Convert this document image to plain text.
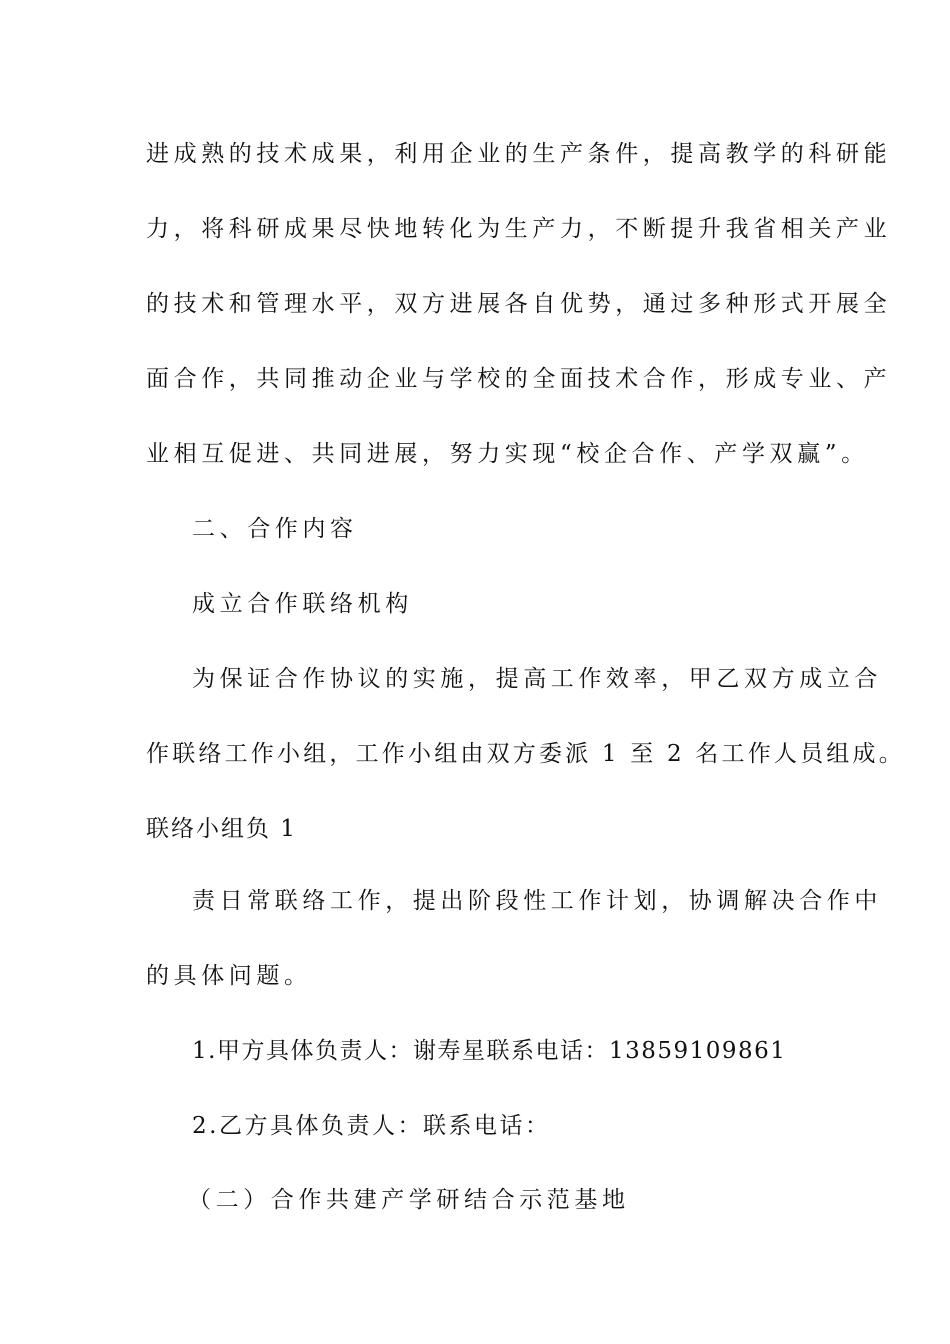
进成熟的技术成果，利用企业的生产条件，提高教学的科研能
力，将科研成果尽快地转化为生产力，不断提升我省相关产业
的技术和管理水平，双方进展各自优势，通过多种形式开展全
面合作，共同推动企业与学校的全面技术合作，形成专业、产
业相互促进、共同进展，努力实现“校企合作、产学双赢”。
二、合作内容
成立合作联络机构
为保证合作协议的实施，提高工作效率，甲乙双方成立合
作联络工作小组，工作小组由双方委派 1 至 2 名工作人员组成。
联络小组负 1
责日常联络工作，提出阶段性工作计划，协调解决合作中
的具体问题。
1.甲方具体负责人：谢寿星联系电话：13859109861
2.乙方具体负责人：联系电话：
（二）合作共建产学研结合示范基地
